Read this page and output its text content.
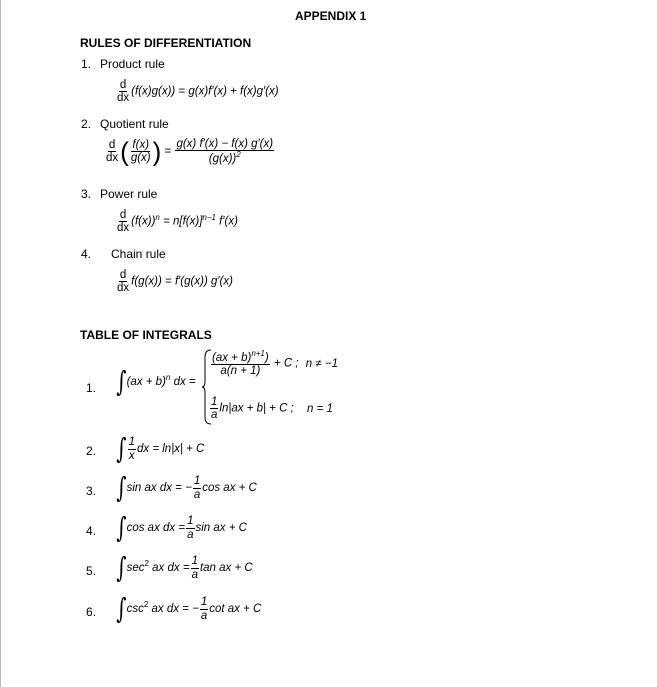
APPENDIX 1
RULES OF DIFFERENTIATION
1. Product rule
$\frac{d}{dx} (f(x)g(x)) = g(x)f'(x) + f(x)g'(x)$
2. Quotient rule
$\frac{d}{dx}$ ( $\frac{f(x)}{g(x)}$ ) = $\frac{g(x) f'(x) - f(x) g'(x)}{(g(x))^2}$
3. Power rule
$\frac{d}{dx} (f(x))^n = n[f(x)]^{n-1}$ f′(x)
4. Chain rule
$\frac{d}{dx} f(g(x)) = f'(g(x))$ g′(x)
TABLE OF INTEGRALS
1. ∫(ax + b)$^n$ dx =
$\frac{(ax + b)^{n+1})}{a(n + 1)} + C$ ; n ≠ −1
$\frac{1}{a} \ln|ax + b| + C$ ; n = 1
2. ∫ $\frac{1}{x}$ dx = ln|x| + C
3. ∫sin ax dx = − $\frac{1}{a}$ cos ax + C
4. ∫cos ax dx = $\frac{1}{a}$ sin ax + C
5. $\int\sec^2$ ax dx = $\frac{1}{a}$ tan ax + C
6. $\int\csc^2$ ax dx = − $\frac{1}{a}$ cot ax + C
